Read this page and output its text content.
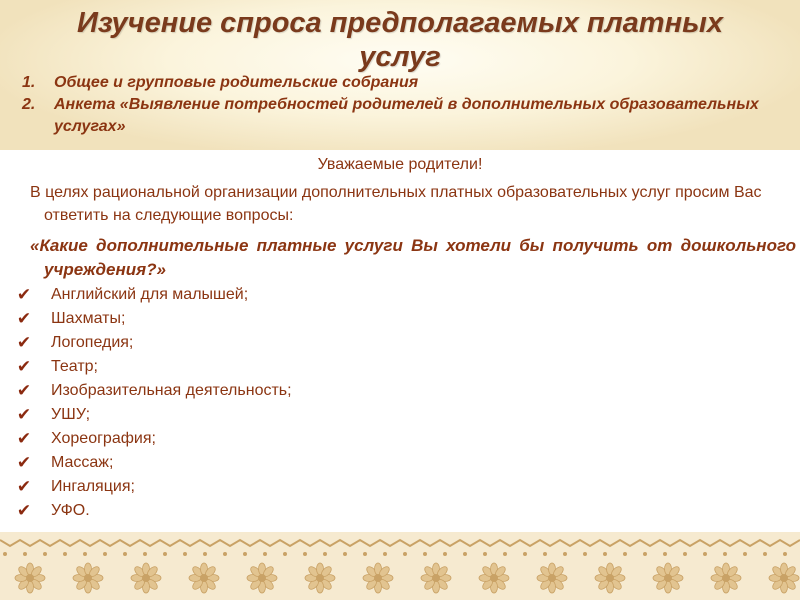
Изучение спроса предполагаемых платных
услуг
1. Общее и групповые родительские собрания
2. Анкета «Выявление потребностей родителей в дополнительных образовательных услугах»
Уважаемые родители!
В целях рациональной организации дополнительных платных образовательных услуг просим Вас ответить на следующие вопросы:
«Какие дополнительные платные услуги Вы хотели бы получить от дошкольного учреждения?»
✔ Английский для малышей;
✔ Шахматы;
✔ Логопедия;
✔ Театр;
✔ Изобразительная деятельность;
✔ УШУ;
✔ Хореография;
✔ Массаж;
✔ Ингаляция;
✔ УФО.
